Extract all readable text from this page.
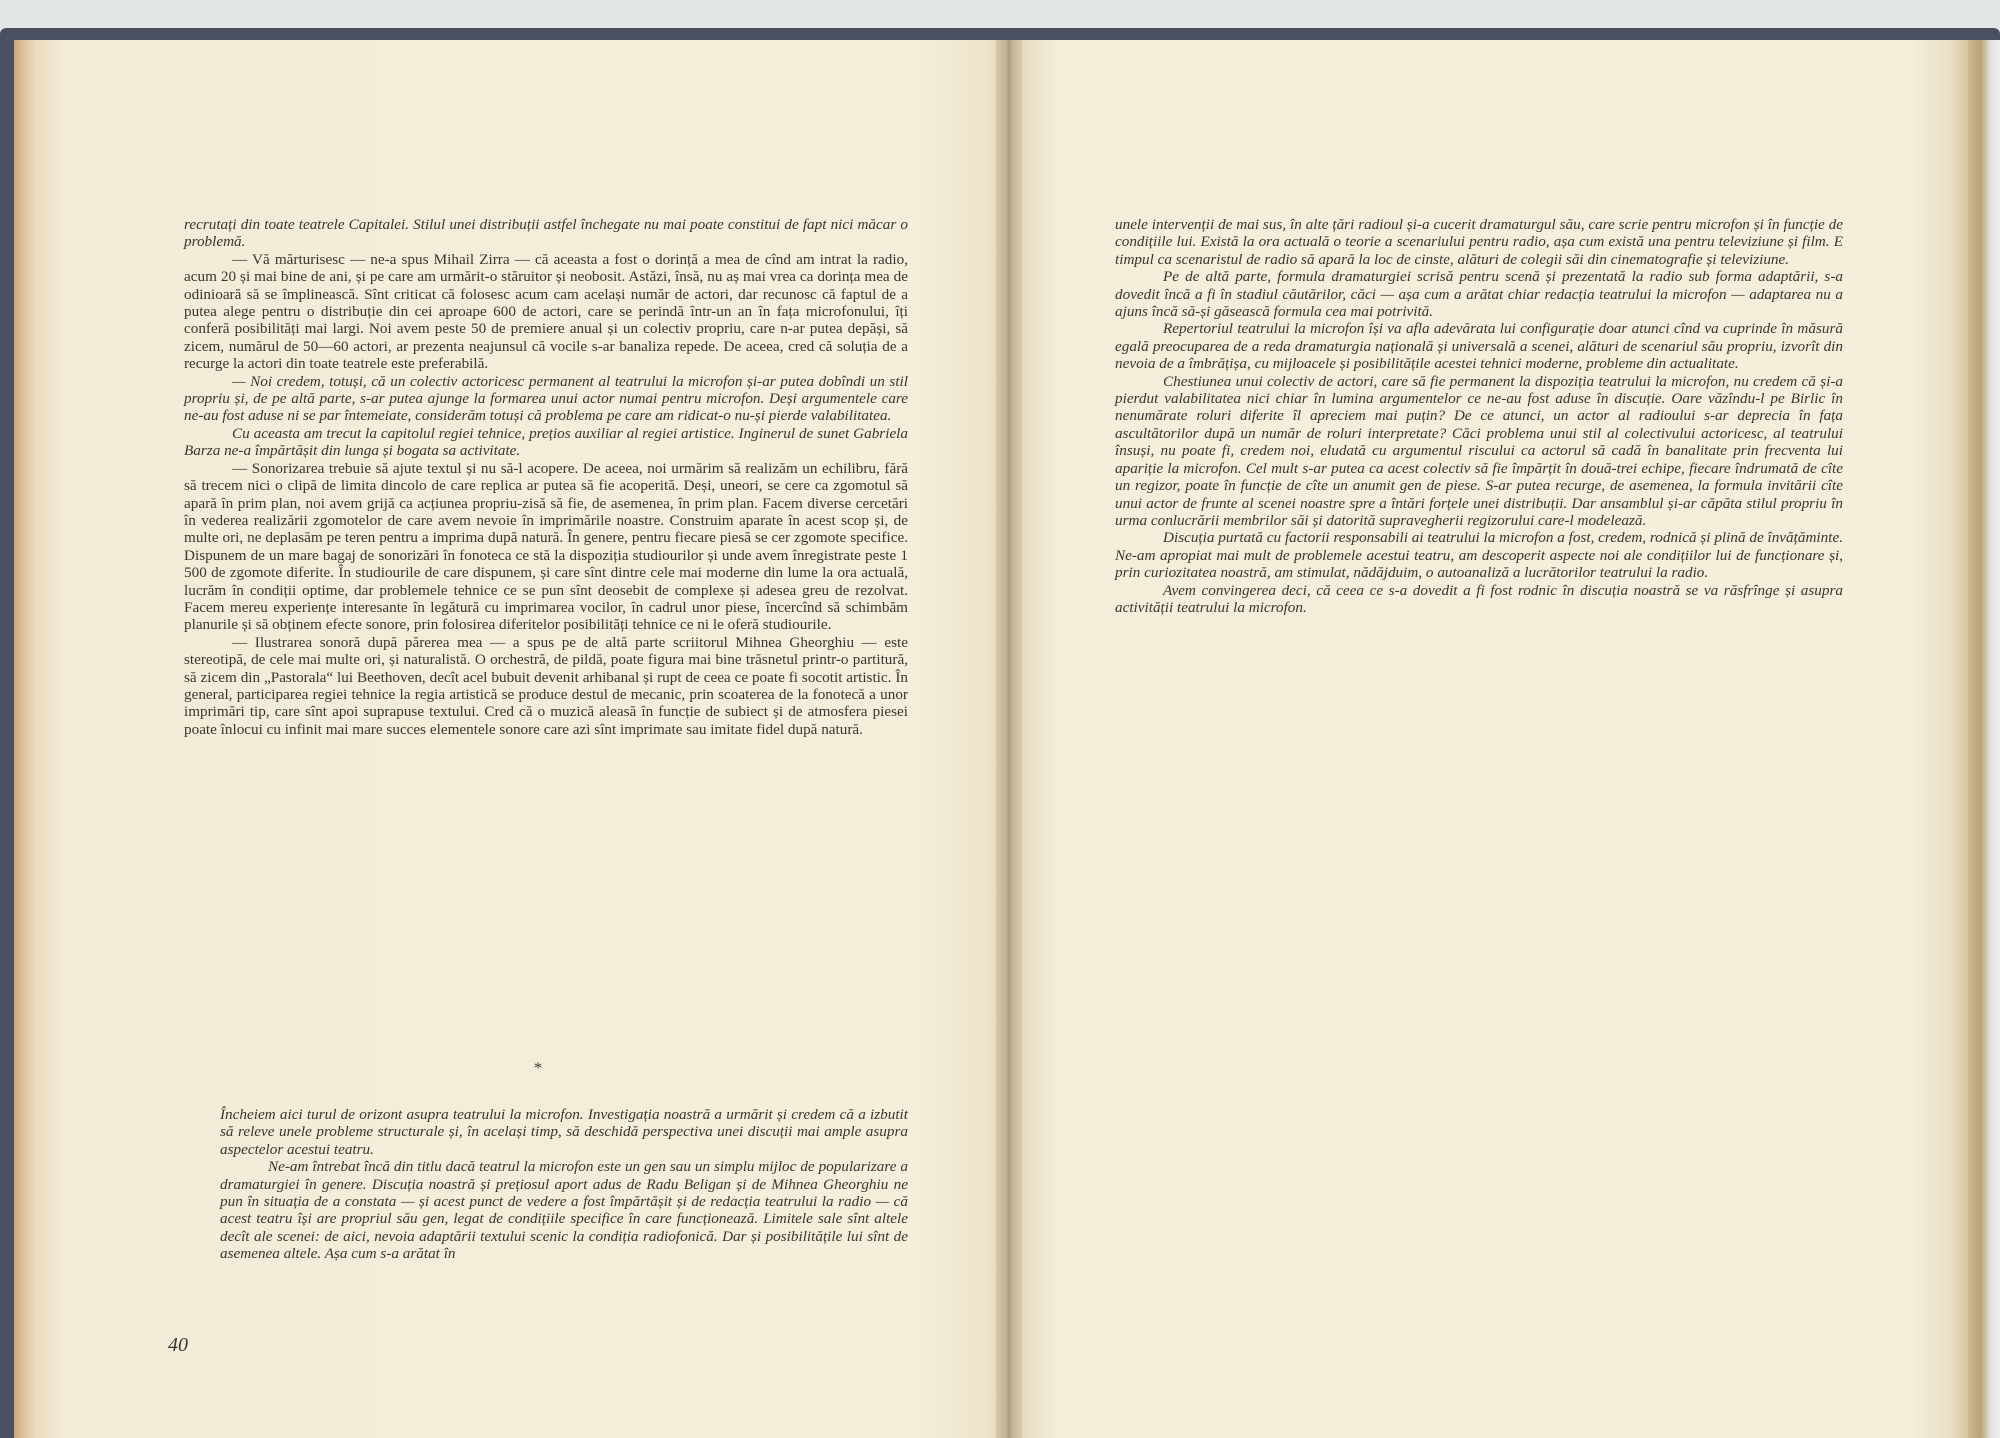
recrutați din toate teatrele Capitalei. Stilul unei distribuții astfel închegate nu mai poate constitui de fapt nici măcar o problemă.

— Vă mărturisesc — ne-a spus Mihail Zirra — că aceasta a fost o dorință a mea de cînd am intrat la radio, acum 20 și mai bine de ani, și pe care am urmărit-o stăruitor și neobosit. Astăzi, însă, nu aș mai vrea ca dorința mea de odinioară să se împlinească. Sînt criticat că folosesc acum cam același număr de actori, dar recunosc că faptul de a putea alege pentru o distribuție din cei aproape 600 de actori, care se perindă într-un an în fața microfonului, îți conferă posibilități mai largi. Noi avem peste 50 de premiere anual și un colectiv propriu, care n-ar putea depăși, să zicem, numărul de 50—60 actori, ar prezenta neajunsul că vocile s-ar banaliza repede. De aceea, cred că soluția de a recurge la actori din toate teatrele este preferabilă.

— Noi credem, totuși, că un colectiv actoricesc permanent al teatrului la microfon și-ar putea dobîndi un stil propriu și, de pe altă parte, s-ar putea ajunge la formarea unui actor numai pentru microfon. Deși argumentele care ne-au fost aduse ni se par întemeiate, considerăm totuși că problema pe care am ridicat-o nu-și pierde valabilitatea.

Cu aceasta am trecut la capitolul regiei tehnice, prețios auxiliar al regiei artistice. Inginerul de sunet Gabriela Barza ne-a împărtășit din lunga și bogata sa activitate.

— Sonorizarea trebuie să ajute textul și nu să-l acopere. De aceea, noi urmărim să realizăm un echilibru, fără să trecem nici o clipă de limita dincolo de care replica ar putea să fie acoperită. Deși, uneori, se cere ca zgomotul să apară în prim plan, noi avem grijă ca acțiunea propriu-zisă să fie, de asemenea, în prim plan. Facem diverse cercetări în vederea realizării zgomotelor de care avem nevoie în imprimările noastre. Construim aparate în acest scop și, de multe ori, ne deplasăm pe teren pentru a imprima după natură. În genere, pentru fiecare piesă se cer zgomote specifice. Dispunem de un mare bagaj de sonorizări în fonoteca ce stă la dispoziția studiourilor și unde avem înregistrate peste 1 500 de zgomote diferite. În studiourile de care dispunem, și care sînt dintre cele mai moderne din lume la ora actuală, lucrăm în condiții optime, dar problemele tehnice ce se pun sînt deosebit de complexe și adesea greu de rezolvat. Facem mereu experiențe interesante în legătură cu imprimarea vocilor, în cadrul unor piese, încercînd să schimbăm planurile și să obținem efecte sonore, prin folosirea diferitelor posibilități tehnice ce ni le oferă studiourile.

— Ilustrarea sonoră după părerea mea — a spus pe de altă parte scriitorul Mihnea Gheorghiu — este stereotipă, de cele mai multe ori, și naturalistă. O orchestră, de pildă, poate figura mai bine trăsnetul printr-o partitură, să zicem din „Pastorala“ lui Beethoven, decît acel bubuit devenit arhibanal și rupt de ceea ce poate fi socotit artistic. În general, participarea regiei tehnice la regia artistică se produce destul de mecanic, prin scoaterea de la fonotecă a unor imprimări tip, care sînt apoi suprapuse textului. Cred că o muzică aleasă în funcție de subiect și de atmosfera piesei poate înlocui cu infinit mai mare succes elementele sonore care azi sînt imprimate sau imitate fidel după natură.

*

Încheiem aici turul de orizont asupra teatrului la microfon. Investigația noastră a urmărit și credem că a izbutit să releve unele probleme structurale și, în același timp, să deschidă perspectiva unei discuții mai ample asupra aspectelor acestui teatru.

Ne-am întrebat încă din titlu dacă teatrul la microfon este un gen sau un simplu mijloc de popularizare a dramaturgiei în genere. Discuția noastră și prețiosul aport adus de Radu Beligan și de Mihnea Gheorghiu ne pun în situația de a constata — și acest punct de vedere a fost împărtășit și de redacția teatrului la radio — că acest teatru își are propriul său gen, legat de condițiile specifice în care funcționează. Limitele sale sînt altele decît ale scenei: de aici, nevoia adaptării textului scenic la condiția radiofonică. Dar și posibilitățile lui sînt de asemenea altele. Așa cum s-a arătat în

40

unele intervenții de mai sus, în alte țări radioul și-a cucerit dramaturgul său, care scrie pentru microfon și în funcție de condițiile lui. Există la ora actuală o teorie a scenariului pentru radio, așa cum există una pentru televiziune și film. E timpul ca scenaristul de radio să apară la loc de cinste, alături de colegii săi din cinematografie și televiziune.

Pe de altă parte, formula dramaturgiei scrisă pentru scenă și prezentată la radio sub forma adaptării, s-a dovedit încă a fi în stadiul căutărilor, căci — așa cum a arătat chiar redacția teatrului la microfon — adaptarea nu a ajuns încă să-și găsească formula cea mai potrivită.

Repertoriul teatrului la microfon își va afla adevărata lui configurație doar atunci cînd va cuprinde în măsură egală preocuparea de a reda dramaturgia națională și universală a scenei, alături de scenariul său propriu, izvorît din nevoia de a îmbrățișa, cu mijloacele și posibilitățile acestei tehnici moderne, probleme din actualitate.

Chestiunea unui colectiv de actori, care să fie permanent la dispoziția teatrului la microfon, nu credem că și-a pierdut valabilitatea nici chiar în lumina argumentelor ce ne-au fost aduse în discuție. Oare văzîndu-l pe Birlic în nenumărate roluri diferite îl apreciem mai puțin? De ce atunci, un actor al radioului s-ar deprecia în fața ascultătorilor după un număr de roluri interpretate? Căci problema unui stil al colectivului actoricesc, al teatrului însuși, nu poate fi, credem noi, eludată cu argumentul riscului ca actorul să cadă în banalitate prin frecventa lui apariție la microfon. Cel mult s-ar putea ca acest colectiv să fie împărțit în două-trei echipe, fiecare îndrumată de cîte un regizor, poate în funcție de cîte un anumit gen de piese. S-ar putea recurge, de asemenea, la formula invitării cîte unui actor de frunte al scenei noastre spre a întări forțele unei distribuții. Dar ansamblul și-ar căpăta stilul propriu în urma conlucrării membrilor săi și datorită supravegherii regizorului care-l modelează.

Discuția purtată cu factorii responsabili ai teatrului la microfon a fost, credem, rodnică și plină de învățăminte. Ne-am apropiat mai mult de problemele acestui teatru, am descoperit aspecte noi ale condițiilor lui de funcționare și, prin curiozitatea noastră, am stimulat, nădăjduim, o autoanaliză a lucrătorilor teatrului la radio.

Avem convingerea deci, că ceea ce s-a dovedit a fi fost rodnic în discuția noastră se va răsfrînge și asupra activității teatrului la microfon.
